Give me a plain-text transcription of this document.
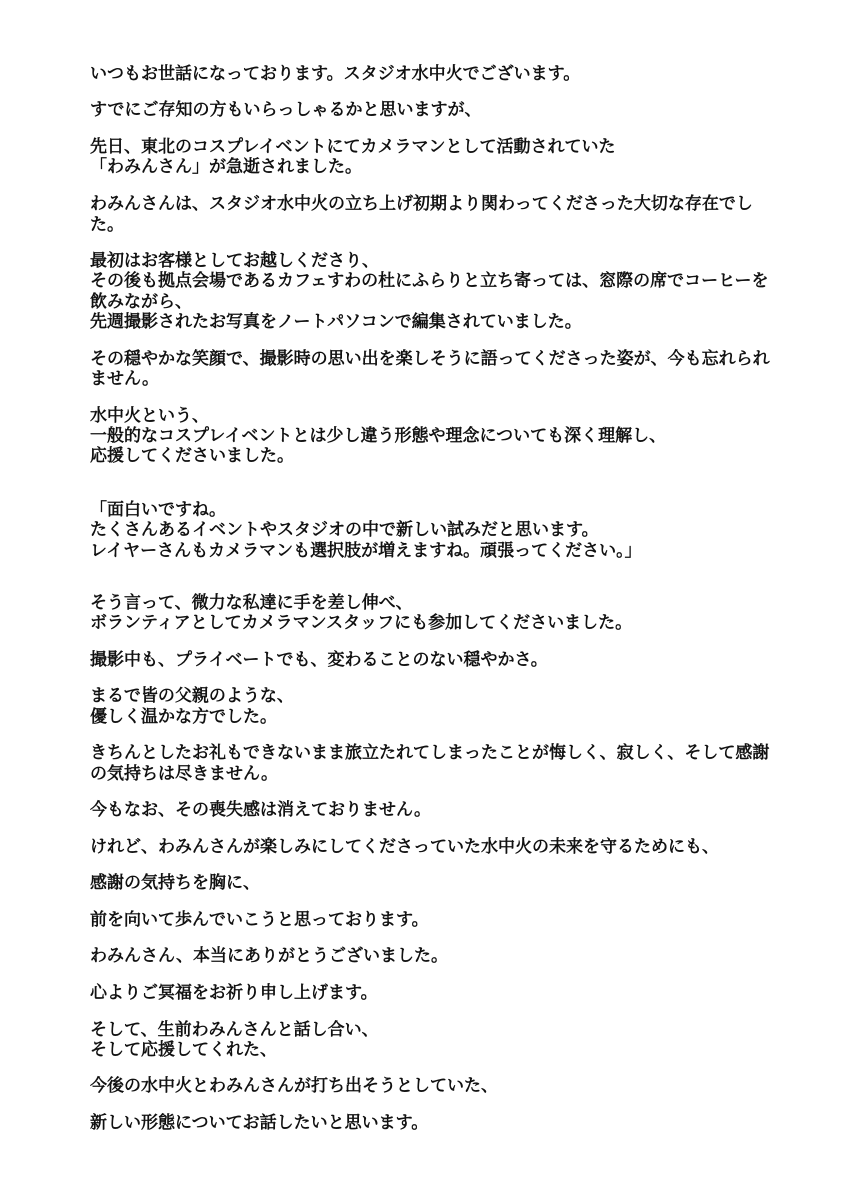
いつもお世話になっております。スタジオ水中火でございます。

すでにご存知の方もいらっしゃるかと思いますが、

先日、東北のコスプレイベントにてカメラマンとして活動されていた

「わみんさん」が急逝されました。

わみんさんは、スタジオ水中火の立ち上げ初期より関わってくださった大切な存在でし

た。

最初はお客様としてお越しくださり、

その後も拠点会場であるカフェすわの杜にふらりと立ち寄っては、窓際の席でコーヒーを

飲みながら、

先週撮影されたお写真をノートパソコンで編集されていました。

その穏やかな笑顔で、撮影時の思い出を楽しそうに語ってくださった姿が、今も忘れられ

ません。

水中火という、

一般的なコスプレイベントとは少し違う形態や理念についても深く理解し、

応援してくださいました。

「面白いですね。

たくさんあるイベントやスタジオの中で新しい試みだと思います。

レイヤーさんもカメラマンも選択肢が増えますね。頑張ってください。」

そう言って、微力な私達に手を差し伸べ、

ボランティアとしてカメラマンスタッフにも参加してくださいました。

撮影中も、プライベートでも、変わることのない穏やかさ。

まるで皆の父親のような、

優しく温かな方でした。

きちんとしたお礼もできないまま旅立たれてしまったことが悔しく、寂しく、そして感謝

の気持ちは尽きません。

今もなお、その喪失感は消えておりません。

けれど、わみんさんが楽しみにしてくださっていた水中火の未来を守るためにも、

感謝の気持ちを胸に、

前を向いて歩んでいこうと思っております。

わみんさん、本当にありがとうございました。

心よりご冥福をお祈り申し上げます。

そして、生前わみんさんと話し合い、

そして応援してくれた、

今後の水中火とわみんさんが打ち出そうとしていた、

新しい形態についてお話したいと思います。
